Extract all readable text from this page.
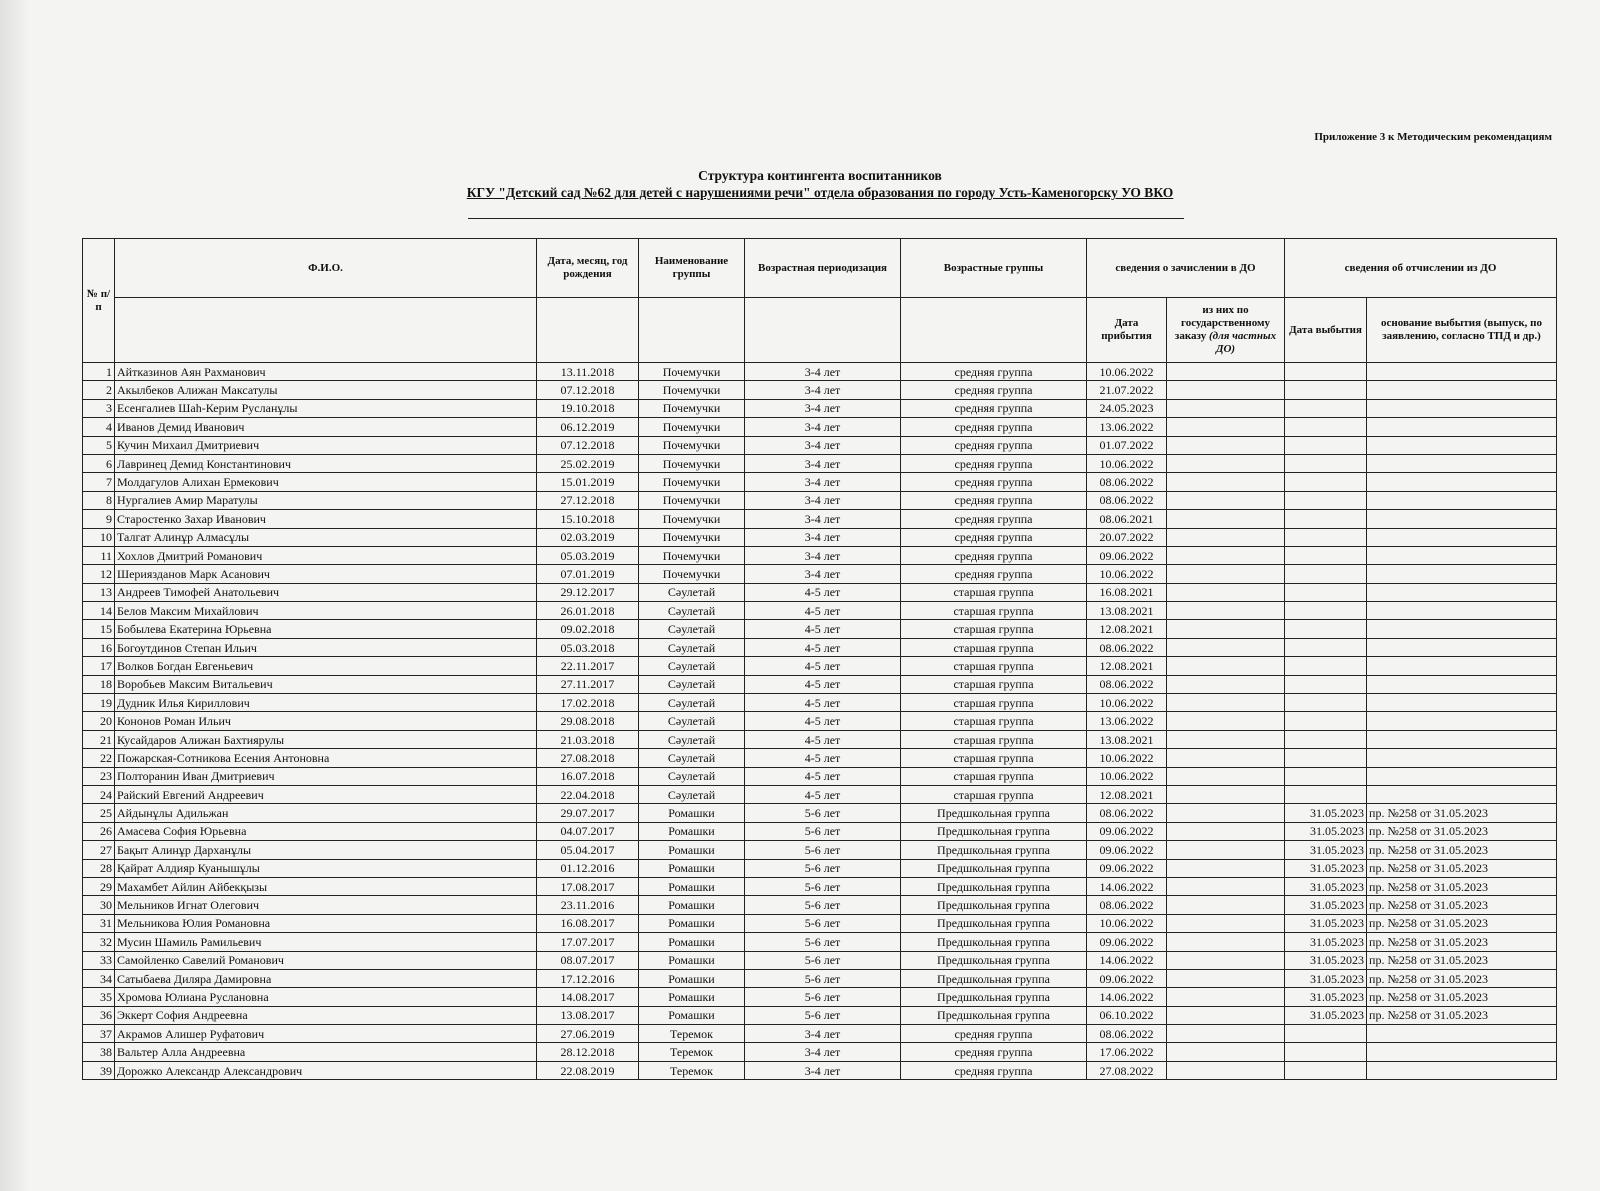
Приложение 3 к Методическим рекомендациям
Структура контингента воспитанников
КГУ "Детский сад №62 для детей с нарушениями речи" отдела образования по городу Усть-Каменогорску УО ВКО
№ п/п	Ф.И.О.	Дата, месяц, год рождения	Наименование группы	Возрастная периодизация	Возрастные группы	сведения о зачислении в ДО		сведения об отчислении из ДО	
						Дата прибытия	из них по государственному заказу (для частных ДО)	Дата выбытия	основание выбытия (выпуск, по заявлению, согласно ТПД и др.)
1	Айтказинов Аян Рахманович	13.11.2018	Почемучки	3-4 лет	средняя группа	10.06.2022			
2	Акылбеков Алижан Максатулы	07.12.2018	Почемучки	3-4 лет	средняя группа	21.07.2022			
3	Есенгалиев Шаh-Керим Русланұлы	19.10.2018	Почемучки	3-4 лет	средняя группа	24.05.2023			
4	Иванов Демид Иванович	06.12.2019	Почемучки	3-4 лет	средняя группа	13.06.2022			
5	Кучин Михаил Дмитриевич	07.12.2018	Почемучки	3-4 лет	средняя группа	01.07.2022			
6	Лавринец Демид Константинович	25.02.2019	Почемучки	3-4 лет	средняя группа	10.06.2022			
7	Молдагулов Алихан Ермекович	15.01.2019	Почемучки	3-4 лет	средняя группа	08.06.2022			
8	Нургалиев Амир Маратулы	27.12.2018	Почемучки	3-4 лет	средняя группа	08.06.2022			
9	Старостенко Захар Иванович	15.10.2018	Почемучки	3-4 лет	средняя группа	08.06.2021			
10	Талгат Алинұр Алмасұлы	02.03.2019	Почемучки	3-4 лет	средняя группа	20.07.2022			
11	Хохлов Дмитрий Романович	05.03.2019	Почемучки	3-4 лет	средняя группа	09.06.2022			
12	Шериязданов Марк Асанович	07.01.2019	Почемучки	3-4 лет	средняя группа	10.06.2022			
13	Андреев Тимофей Анатольевич	29.12.2017	Сәулетай	4-5 лет	старшая группа	16.08.2021			
14	Белов Максим Михайлович	26.01.2018	Сәулетай	4-5 лет	старшая группа	13.08.2021			
15	Бобылева Екатерина Юрьевна	09.02.2018	Сәулетай	4-5 лет	старшая группа	12.08.2021			
16	Богоутдинов Степан Ильич	05.03.2018	Сәулетай	4-5 лет	старшая группа	08.06.2022			
17	Волков Богдан Евгеньевич	22.11.2017	Сәулетай	4-5 лет	старшая группа	12.08.2021			
18	Воробьев Максим Витальевич	27.11.2017	Сәулетай	4-5 лет	старшая группа	08.06.2022			
19	Дудник Илья Кириллович	17.02.2018	Сәулетай	4-5 лет	старшая группа	10.06.2022			
20	Кононов Роман Ильич	29.08.2018	Сәулетай	4-5 лет	старшая группа	13.06.2022			
21	Кусайдаров Алижан Бахтиярулы	21.03.2018	Сәулетай	4-5 лет	старшая группа	13.08.2021			
22	Пожарская-Сотникова Есения Антоновна	27.08.2018	Сәулетай	4-5 лет	старшая группа	10.06.2022			
23	Полторанин Иван Дмитриевич	16.07.2018	Сәулетай	4-5 лет	старшая группа	10.06.2022			
24	Райский Евгений Андреевич	22.04.2018	Сәулетай	4-5 лет	старшая группа	12.08.2021			
25	Айдынұлы Адильжан	29.07.2017	Ромашки	5-6 лет	Предшкольная группа	08.06.2022		31.05.2023	пр. №258 от 31.05.2023
26	Амасева София Юрьевна	04.07.2017	Ромашки	5-6 лет	Предшкольная группа	09.06.2022		31.05.2023	пр. №258 от 31.05.2023
27	Бақыт Алинұр Дарханұлы	05.04.2017	Ромашки	5-6 лет	Предшкольная группа	09.06.2022		31.05.2023	пр. №258 от 31.05.2023
28	Қайрат Алдияр Куанышұлы	01.12.2016	Ромашки	5-6 лет	Предшкольная группа	09.06.2022		31.05.2023	пр. №258 от 31.05.2023
29	Махамбет Айлин Айбекқызы	17.08.2017	Ромашки	5-6 лет	Предшкольная группа	14.06.2022		31.05.2023	пр. №258 от 31.05.2023
30	Мельников Игнат Олегович	23.11.2016	Ромашки	5-6 лет	Предшкольная группа	08.06.2022		31.05.2023	пр. №258 от 31.05.2023
31	Мельникова Юлия Романовна	16.08.2017	Ромашки	5-6 лет	Предшкольная группа	10.06.2022		31.05.2023	пр. №258 от 31.05.2023
32	Мусин Шамиль Рамильевич	17.07.2017	Ромашки	5-6 лет	Предшкольная группа	09.06.2022		31.05.2023	пр. №258 от 31.05.2023
33	Самойленко Савелий Романович	08.07.2017	Ромашки	5-6 лет	Предшкольная группа	14.06.2022		31.05.2023	пр. №258 от 31.05.2023
34	Сатыбаева Диляра Дамировна	17.12.2016	Ромашки	5-6 лет	Предшкольная группа	09.06.2022		31.05.2023	пр. №258 от 31.05.2023
35	Хромова Юлиана Руслановна	14.08.2017	Ромашки	5-6 лет	Предшкольная группа	14.06.2022		31.05.2023	пр. №258 от 31.05.2023
36	Эккерт София Андреевна	13.08.2017	Ромашки	5-6 лет	Предшкольная группа	06.10.2022		31.05.2023	пр. №258 от 31.05.2023
37	Акрамов Алишер Руфатович	27.06.2019	Теремок	3-4 лет	средняя группа	08.06.2022			
38	Вальтер Алла Андреевна	28.12.2018	Теремок	3-4 лет	средняя группа	17.06.2022			
39	Дорожко Александр Александрович	22.08.2019	Теремок	3-4 лет	средняя группа	27.08.2022			
